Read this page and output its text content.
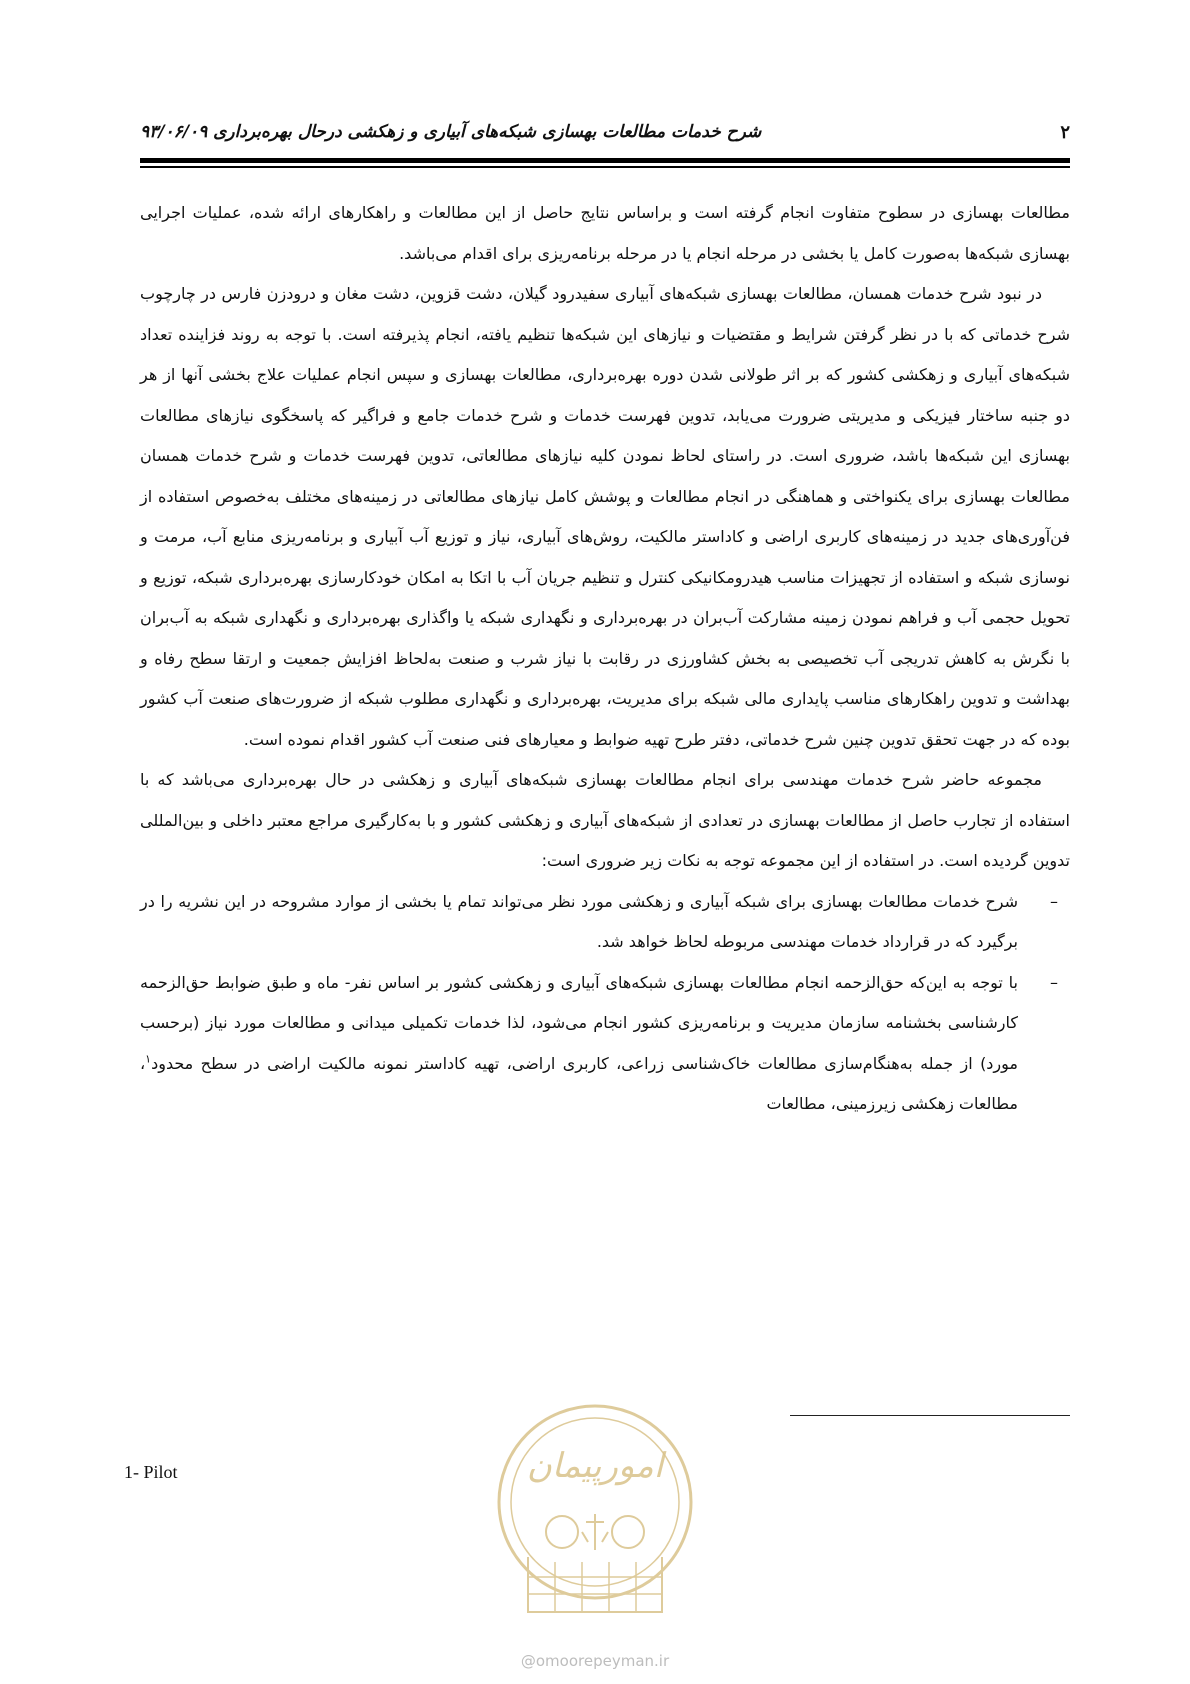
شرح خدمات مطالعات بهسازی شبکه‌های آبیاری و زهکشی درحال بهره‌برداری ۹۳/۰۶/۰۹	۲

مطالعات بهسازی در سطوح متفاوت انجام گرفته است و براساس نتایج حاصل از این مطالعات و راهکارهای ارائه شده، عملیات اجرایی بهسازی شبکه‌ها به‌صورت کامل یا بخشی در مرحله انجام یا در مرحله برنامه‌ریزی برای اقدام می‌باشد.

در نبود شرح خدمات همسان، مطالعات بهسازی شبکه‌های آبیاری سفیدرود گیلان، دشت قزوین، دشت مغان و درودزن فارس در چارچوب شرح خدماتی که با در نظر گرفتن شرایط و مقتضیات و نیازهای این شبکه‌ها تنظیم یافته، انجام پذیرفته است. با توجه به روند فزاینده تعداد شبکه‌های آبیاری و زهکشی کشور که بر اثر طولانی شدن دوره بهره‌برداری، مطالعات بهسازی و سپس انجام عملیات علاج بخشی آنها از هر دو جنبه ساختار فیزیکی و مدیریتی ضرورت می‌یابد، تدوین فهرست خدمات و شرح خدمات جامع و فراگیر که پاسخگوی نیازهای مطالعات بهسازی این شبکه‌ها باشد، ضروری است. در راستای لحاظ نمودن کلیه نیازهای مطالعاتی، تدوین فهرست خدمات و شرح خدمات همسان مطالعات بهسازی برای یکنواختی و هماهنگی در انجام مطالعات و پوشش کامل نیازهای مطالعاتی در زمینه‌های مختلف به‌خصوص استفاده از فن‌آوری‌های جدید در زمینه‌های کاربری اراضی و کاداستر مالکیت، روش‌های آبیاری، نیاز و توزیع آب آبیاری و برنامه‌ریزی منابع آب، مرمت و نوسازی شبکه و استفاده از تجهیزات مناسب هیدرومکانیکی کنترل و تنظیم جریان آب با اتکا به امکان خودکارسازی بهره‌برداری شبکه، توزیع و تحویل حجمی آب و فراهم نمودن زمینه مشارکت آب‌بران در بهره‌برداری و نگهداری شبکه یا واگذاری بهره‌برداری و نگهداری شبکه به آب‌بران با نگرش به کاهش تدریجی آب تخصیصی به بخش کشاورزی در رقابت با نیاز شرب و صنعت به‌لحاظ افزایش جمعیت و ارتقا سطح رفاه و بهداشت و تدوین راهکارهای مناسب پایداری مالی شبکه برای مدیریت، بهره‌برداری و نگهداری مطلوب شبکه از ضرورت‌های صنعت آب کشور بوده که در جهت تحقق تدوین چنین شرح خدماتی، دفتر طرح تهیه ضوابط و معیارهای فنی صنعت آب کشور اقدام نموده است.

مجموعه حاضر شرح خدمات مهندسی برای انجام مطالعات بهسازی شبکه‌های آبیاری و زهکشی در حال بهره‌برداری می‌باشد که با استفاده از تجارب حاصل از مطالعات بهسازی در تعدادی از شبکه‌های آبیاری و زهکشی کشور و با به‌کارگیری مراجع معتبر داخلی و بین‌المللی تدوین گردیده است. در استفاده از این مجموعه توجه به نکات زیر ضروری است:

–

شرح خدمات مطالعات بهسازی برای شبکه آبیاری و زهکشی مورد نظر می‌تواند تمام یا بخشی از موارد مشروحه در این نشریه را در برگیرد که در قرارداد خدمات مهندسی مربوطه لحاظ خواهد شد.

–

با توجه به این‌که حق‌الزحمه انجام مطالعات بهسازی شبکه‌های آبیاری و زهکشی کشور بر اساس نفر- ماه و طبق ضوابط حق‌الزحمه کارشناسی بخشنامه سازمان مدیریت و برنامه‌ریزی کشور انجام می‌شود، لذا خدمات تکمیلی میدانی و مطالعات مورد نیاز (برحسب مورد) از جمله به‌هنگام‌سازی مطالعات خاک‌شناسی زراعی، کاربری اراضی، تهیه کاداستر نمونه مالکیت اراضی در سطح محدود$^۱$، مطالعات زهکشی زیرزمینی، مطالعات

1- Pilot	امورپیمان
@omoorepeyman.ir
